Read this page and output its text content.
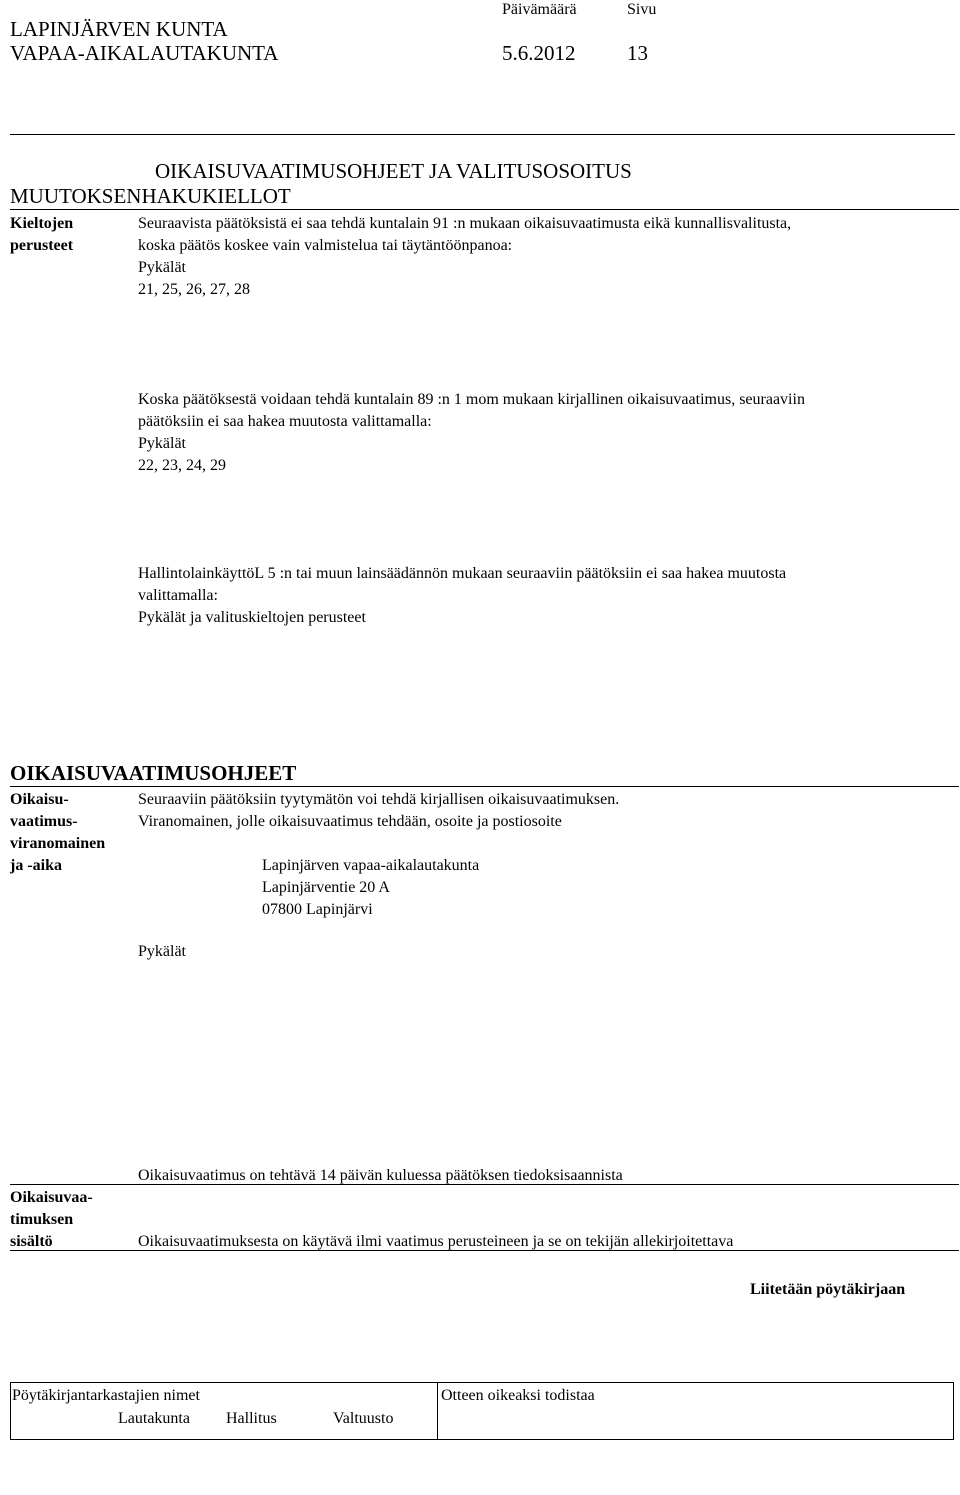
LAPINJÄRVEN KUNTA
VAPAA-AIKALAUTAKUNTA
Päivämäärä	Sivu
5.6.2012 13
OIKAISUVAATIMUSOHJEET JA VALITUSOSOITUS
MUUTOKSENHAKUKIELLOT
Kieltojen
perusteet
Seuraavista päätöksistä ei saa tehdä kuntalain 91 :n mukaan oikaisuvaatimusta eikä kunnallisvalitusta,
koska päätös koskee vain valmistelua tai täytäntöönpanoa:
Pykälät
21, 25, 26, 27, 28
Koska päätöksestä voidaan tehdä kuntalain 89 :n 1 mom mukaan kirjallinen oikaisuvaatimus, seuraaviin
päätöksiin ei saa hakea muutosta valittamalla:
Pykälät
22, 23, 24, 29
HallintolainkäyttöL 5 :n tai muun lainsäädännön mukaan seuraaviin päätöksiin ei saa hakea muutosta
valittamalla:
Pykälät ja valituskieltojen perusteet
OIKAISUVAATIMUSOHJEET
Oikaisu-
vaatimus-
viranomainen
ja -aika
Seuraaviin päätöksiin tyytymätön voi tehdä kirjallisen oikaisuvaatimuksen.
Viranomainen, jolle oikaisuvaatimus tehdään, osoite ja postiosoite
Lapinjärven vapaa-aikalautakunta
Lapinjärventie 20 A
07800 Lapinjärvi
Pykälät
Oikaisuvaatimus on tehtävä 14 päivän kuluessa päätöksen tiedoksisaannista
Oikaisuvaa-
timuksen
sisältö	Oikaisuvaatimuksesta on käytävä ilmi vaatimus perusteineen ja se on tekijän allekirjoitettava
Liitetään pöytäkirjaan
Pöytäkirjantarkastajien nimet	Otteen oikeaksi todistaa
Lautakunta Hallitus	Valtuusto
